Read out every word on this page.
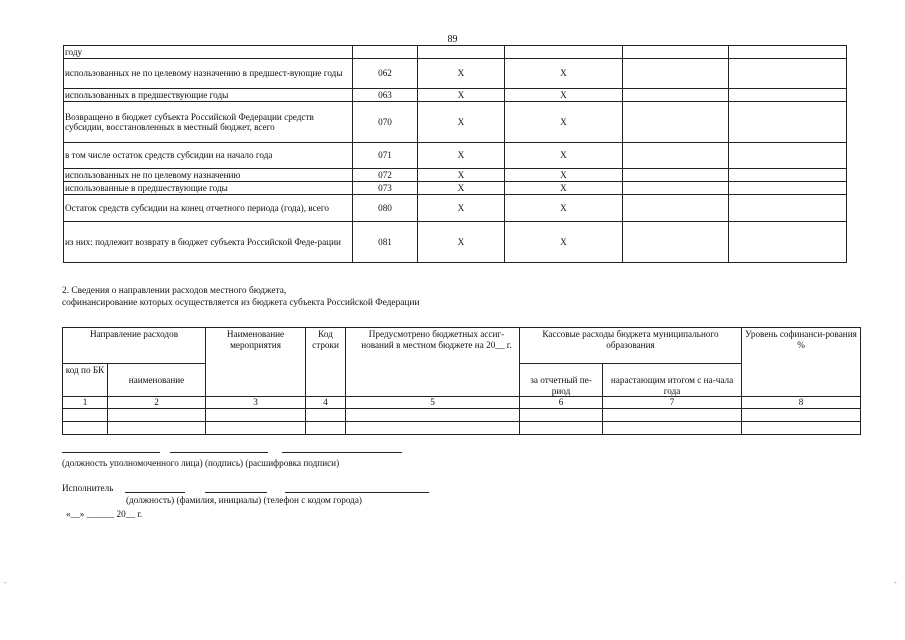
89
году					
использованных не по целевому назначению в предшест-вующие годы	062	X	X		
использованных в предшествующие годы	063	X	X		
Возвращено в бюджет субъекта Российской Федерации средств субсидии, восстановленных в местный бюджет, всего	070	X	X		
в том числе остаток средств субсидии на начало года	071	X	X		
использованных не по целевому назначению	072	X	X		
использованные в предшествующие годы	073	X	X		
Остаток средств субсидии на конец отчетного периода (года), всего	080	X	X		
из них: подлежит возврату в бюджет субъекта Российской Феде-рации	081	X	X		
2. Сведения о направлении расходов местного бюджета,
софинансирование которых осуществляется из бюджета субъекта Российской Федерации
Направление расходов		Наименование мероприятия	Код строки	Предусмотрено бюджетных ассиг-нований в местном бюджете на 20__ г.	Кассовые расходы бюджета муниципального образования		Уровень софинанси-рования %
код по БК	наименование				за отчетный пе-риод	нарастающим итогом с на-чала года	
1	2	3	4	5	6	7	8

(должность уполномоченного лица) (подпись) (расшифровка подписи)
Исполнитель
(должность) (фамилия, инициалы) (телефон с кодом города)
«__» ______ 20__ г.
-	-
